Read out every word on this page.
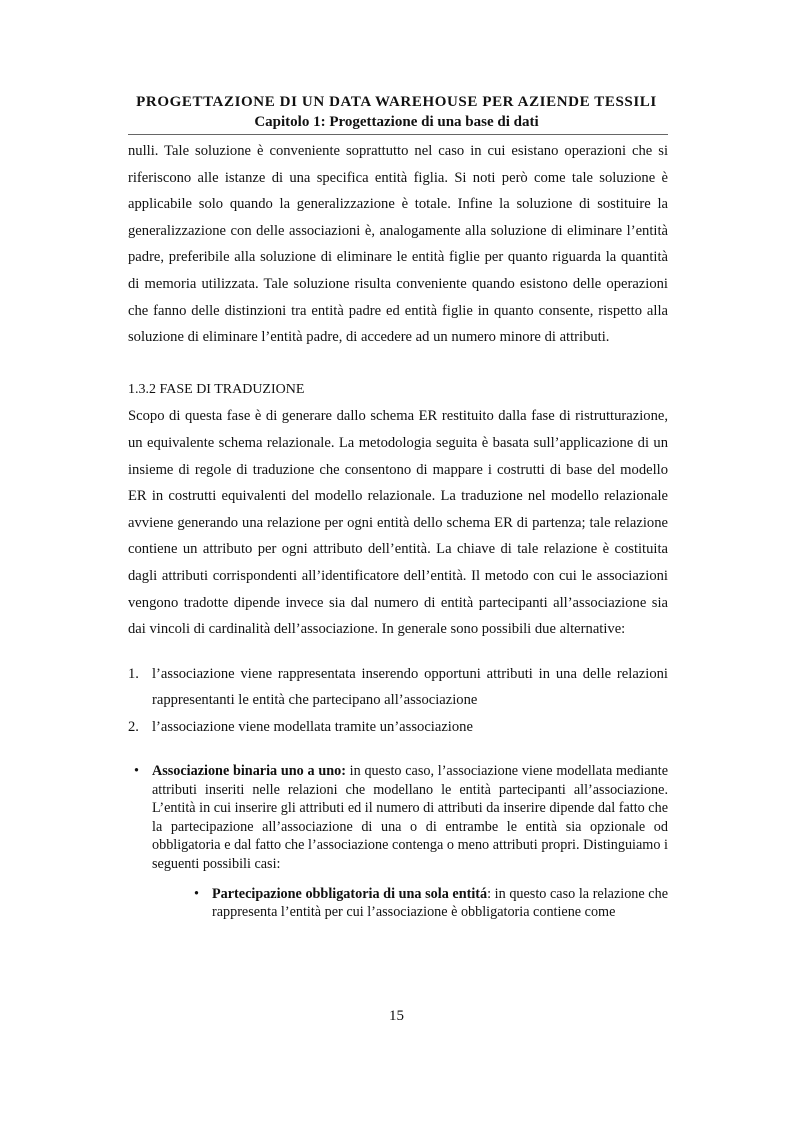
PROGETTAZIONE DI UN DATA WAREHOUSE PER AZIENDE TESSILI
Capitolo 1: Progettazione di una base di dati

nulli. Tale soluzione è conveniente soprattutto nel caso in cui esistano operazioni che si riferiscono alle istanze di una specifica entità figlia. Si noti però come tale soluzione è applicabile solo quando la generalizzazione è totale. Infine la soluzione di sostituire la generalizzazione con delle associazioni è, analogamente alla soluzione di eliminare l’entità padre, preferibile alla soluzione di eliminare le entità figlie per quanto riguarda la quantità di memoria utilizzata. Tale soluzione risulta conveniente quando esistono delle operazioni che fanno delle distinzioni tra entità padre ed entità figlie in quanto consente, rispetto alla soluzione di eliminare l’entità padre, di accedere ad un numero minore di attributi.

1.3.2 FASE DI TRADUZIONE

Scopo di questa fase è di generare dallo schema ER restituito dalla fase di ristrutturazione, un equivalente schema relazionale. La metodologia seguita è basata sull’applicazione di un insieme di regole di traduzione che consentono di mappare i costrutti di base del modello ER in costrutti equivalenti del modello relazionale. La traduzione nel modello relazionale avviene generando una relazione per ogni entità dello schema ER di partenza; tale relazione contiene un attributo per ogni attributo dell’entità. La chiave di tale relazione è costituita dagli attributi corrispondenti all’identificatore dell’entità. Il metodo con cui le associazioni vengono tradotte dipende invece sia dal numero di entità partecipanti all’associazione sia dai vincoli di cardinalità dell’associazione. In generale sono possibili due alternative:

1. l’associazione viene rappresentata inserendo opportuni attributi in una delle relazioni rappresentanti le entità che partecipano all’associazione
2. l’associazione viene modellata tramite un’associazione
• Associazione binaria uno a uno: in questo caso, l’associazione viene modellata mediante attributi inseriti nelle relazioni che modellano le entità partecipanti all’associazione. L’entità in cui inserire gli attributi ed il numero di attributi da inserire dipende dal fatto che la partecipazione all’associazione di una o di entrambe le entità sia opzionale od obbligatoria e dal fatto che l’associazione contenga o meno attributi propri. Distinguiamo i seguenti possibili casi:
• Partecipazione obbligatoria di una sola entitá: in questo caso la relazione che rappresenta l’entità per cui l’associazione è obbligatoria contiene come
15
